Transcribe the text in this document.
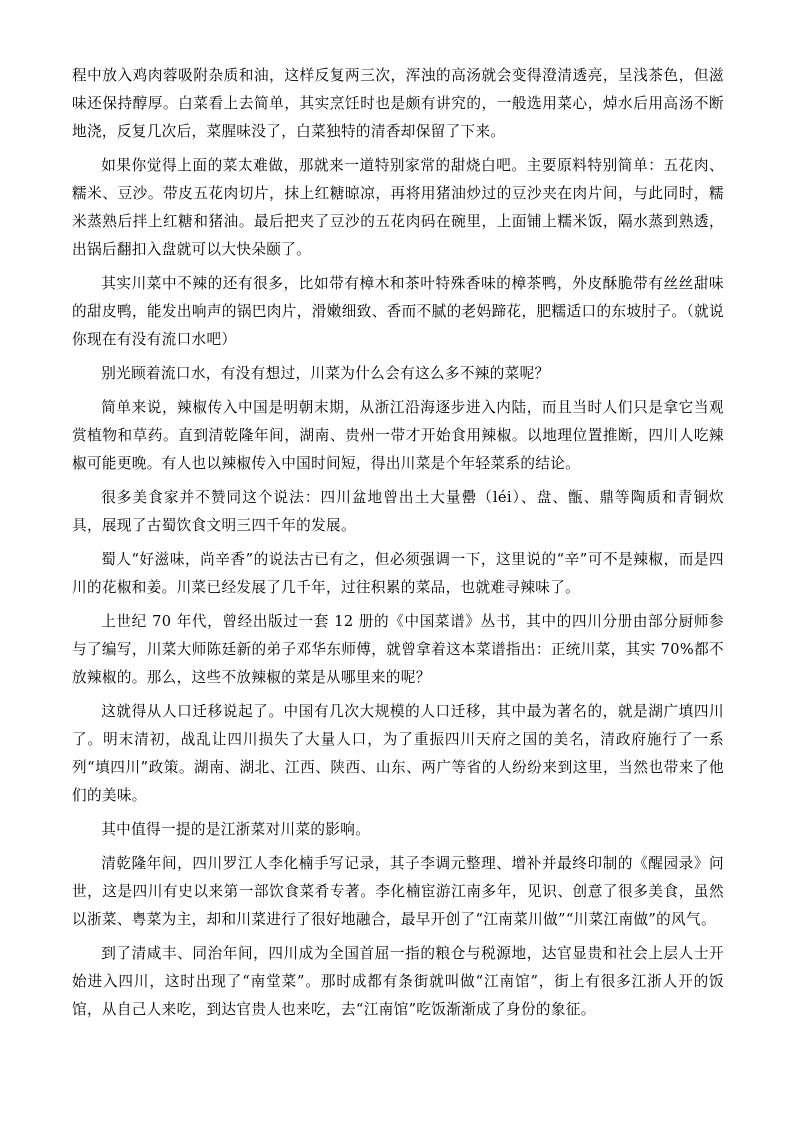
程中放入鸡肉蓉吸附杂质和油，这样反复两三次，浑浊的高汤就会变得澄清透亮，呈浅茶色，但滋味还保持醇厚。白菜看上去简单，其实烹饪时也是颇有讲究的，一般选用菜心，焯水后用高汤不断地浇，反复几次后，菜腥味没了，白菜独特的清香却保留了下来。

如果你觉得上面的菜太难做，那就来一道特别家常的甜烧白吧。主要原料特别简单：五花肉、糯米、豆沙。带皮五花肉切片，抹上红糖晾凉，再将用猪油炒过的豆沙夹在肉片间，与此同时，糯米蒸熟后拌上红糖和猪油。最后把夹了豆沙的五花肉码在碗里，上面铺上糯米饭，隔水蒸到熟透，出锅后翻扣入盘就可以大快朵颐了。

其实川菜中不辣的还有很多，比如带有樟木和茶叶特殊香味的樟茶鸭，外皮酥脆带有丝丝甜味的甜皮鸭，能发出响声的锅巴肉片，滑嫩细致、香而不腻的老妈蹄花，肥糯适口的东坡肘子。（就说你现在有没有流口水吧）

别光顾着流口水，有没有想过，川菜为什么会有这么多不辣的菜呢？

简单来说，辣椒传入中国是明朝末期，从浙江沿海逐步进入内陆，而且当时人们只是拿它当观赏植物和草药。直到清乾隆年间，湖南、贵州一带才开始食用辣椒。以地理位置推断，四川人吃辣椒可能更晚。有人也以辣椒传入中国时间短，得出川菜是个年轻菜系的结论。

很多美食家并不赞同这个说法：四川盆地曾出土大量罍（léi）、盘、甑、鼎等陶质和青铜炊具，展现了古蜀饮食文明三四千年的发展。

蜀人“好滋味，尚辛香”的说法古已有之，但必须强调一下，这里说的“辛”可不是辣椒，而是四川的花椒和姜。川菜已经发展了几千年，过往积累的菜品，也就难寻辣味了。

上世纪 70 年代，曾经出版过一套 12 册的《中国菜谱》丛书，其中的四川分册由部分厨师参与了编写，川菜大师陈廷新的弟子邓华东师傅，就曾拿着这本菜谱指出：正统川菜，其实 70%都不放辣椒的。那么，这些不放辣椒的菜是从哪里来的呢？

这就得从人口迁移说起了。中国有几次大规模的人口迁移，其中最为著名的，就是湖广填四川了。明末清初，战乱让四川损失了大量人口，为了重振四川天府之国的美名，清政府施行了一系列“填四川”政策。湖南、湖北、江西、陕西、山东、两广等省的人纷纷来到这里，当然也带来了他们的美味。

其中值得一提的是江浙菜对川菜的影响。

清乾隆年间，四川罗江人李化楠手写记录，其子李调元整理、增补并最终印制的《醒园录》问世，这是四川有史以来第一部饮食菜肴专著。李化楠宦游江南多年，见识、创意了很多美食，虽然以浙菜、粤菜为主，却和川菜进行了很好地融合，最早开创了“江南菜川做”“川菜江南做”的风气。

到了清咸丰、同治年间，四川成为全国首屈一指的粮仓与税源地，达官显贵和社会上层人士开始进入四川，这时出现了“南堂菜”。那时成都有条街就叫做“江南馆”，街上有很多江浙人开的饭馆，从自己人来吃，到达官贵人也来吃，去“江南馆”吃饭渐渐成了身份的象征。
